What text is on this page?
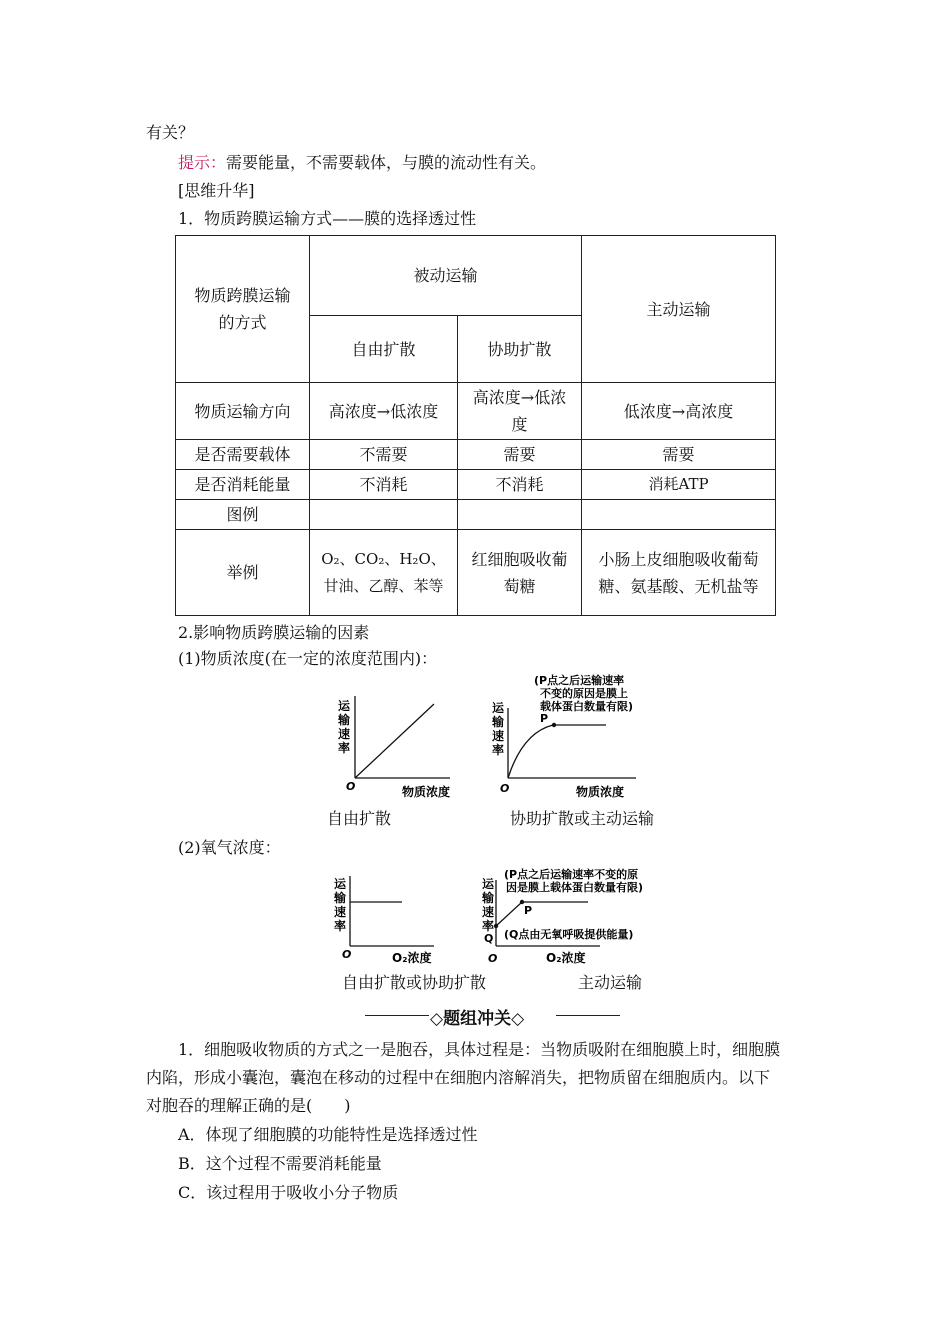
有关？
提示：需要能量，不需要载体，与膜的流动性有关。
[思维升华]
1．物质跨膜运输方式——膜的选择透过性
物质跨膜运输的方式	被动运输		主动运输
	自由扩散	协助扩散	
物质运输方向	高浓度→低浓度	高浓度→低浓度	低浓度→高浓度
是否需要载体	不需要	需要	需要
是否消耗能量	不消耗	不消耗	消耗ATP
图例			
举例	O₂、CO₂、H₂O、甘油、乙醇、苯等	红细胞吸收葡萄糖	小肠上皮细胞吸收葡萄糖、氨基酸、无机盐等
2.影响物质跨膜运输的因素
(1)物质浓度(在一定的浓度范围内)：
运
输
速
率
O	物质浓度
自由扩散
P
运
输
速
率
O	物质浓度
(P点之后运输速率
不变的原因是膜上
载体蛋白数量有限)
协助扩散或主动运输
(2)氧气浓度：
运
输
速
率
O	O₂浓度
自由扩散或协助扩散
P
Q
运
输
速
率
O	O₂浓度
(P点之后运输速率不变的原
因是膜上载体蛋白数量有限)
(Q点由无氧呼吸提供能量)
主动运输
◇题组冲关◇
1．细胞吸收物质的方式之一是胞吞，具体过程是：当物质吸附在细胞膜上时，细胞膜
内陷，形成小囊泡，囊泡在移动的过程中在细胞内溶解消失，把物质留在细胞质内。以下
对胞吞的理解正确的是(　　)
A．体现了细胞膜的功能特性是选择透过性
B．这个过程不需要消耗能量
C．该过程用于吸收小分子物质
